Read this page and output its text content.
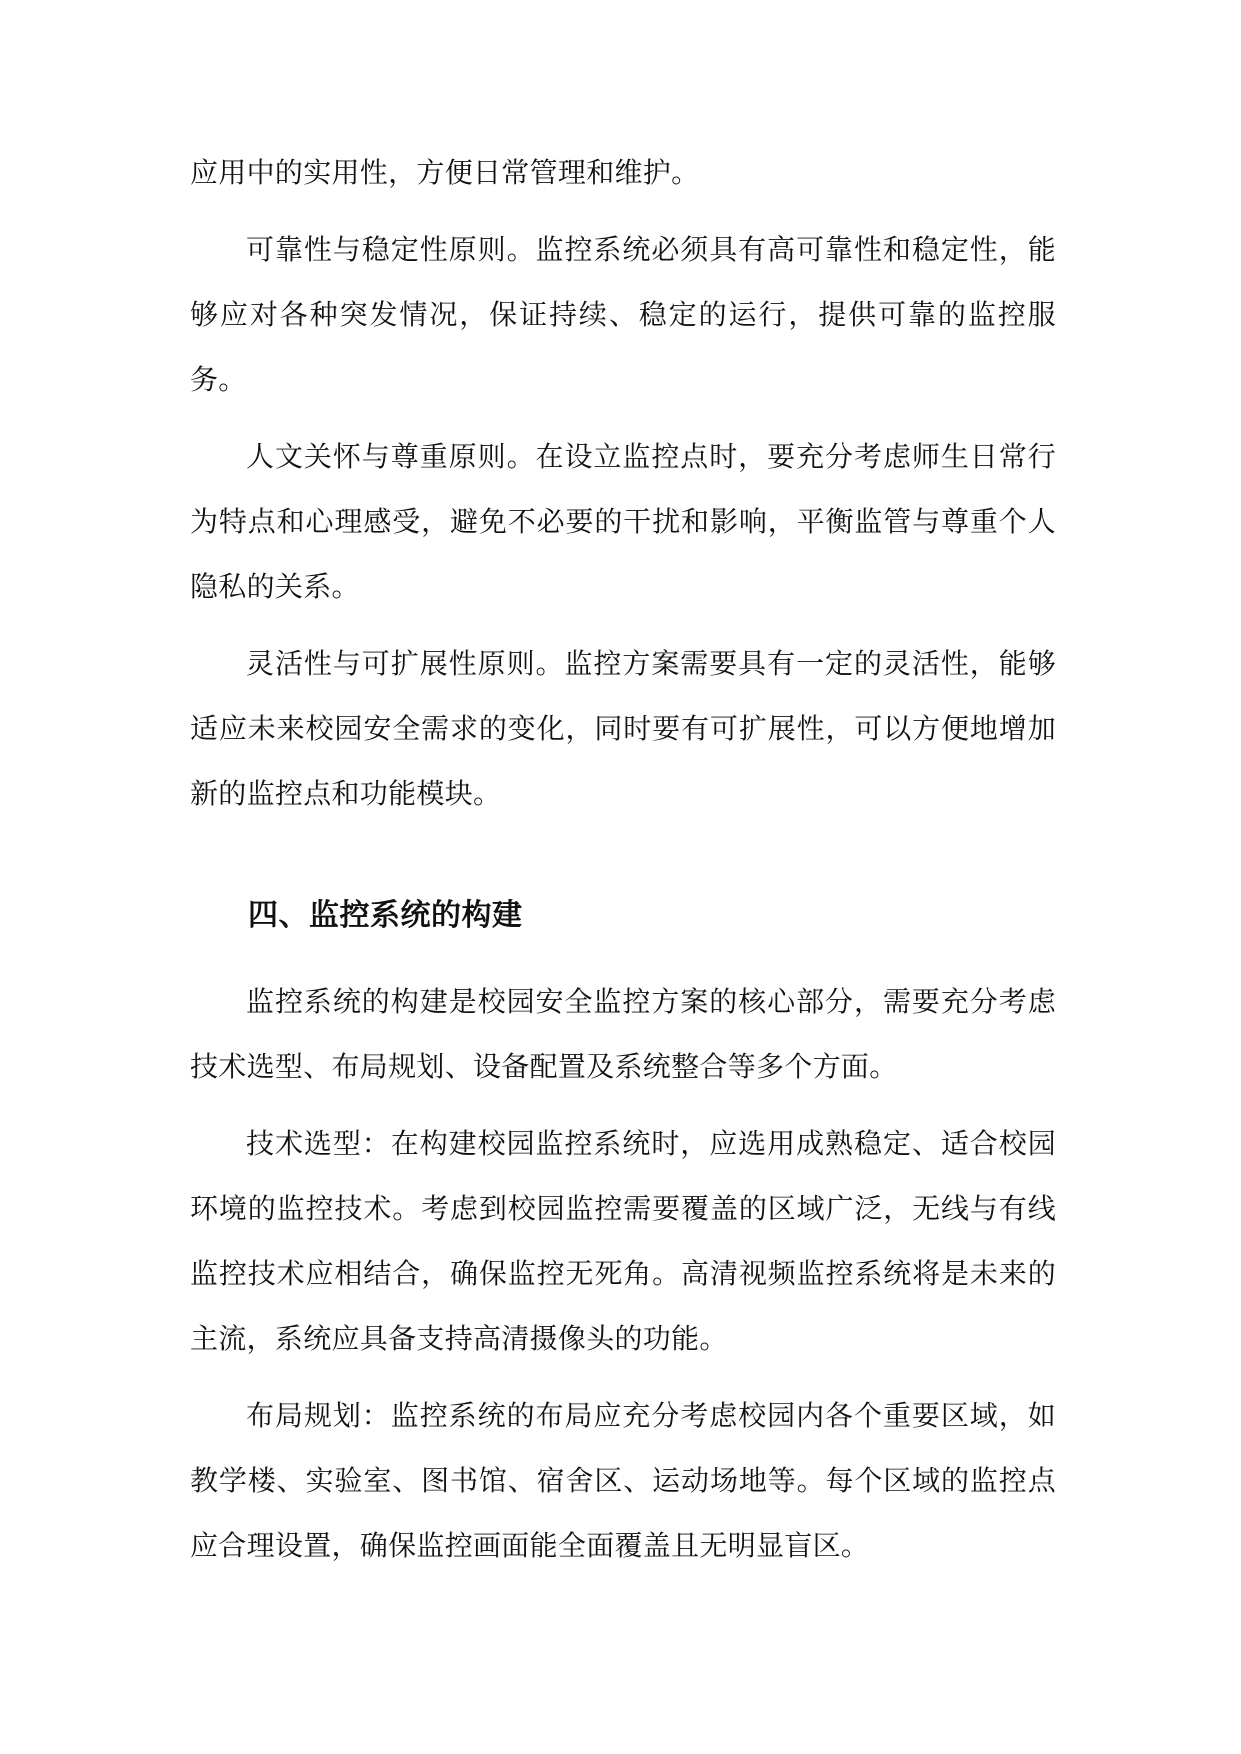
应用中的实用性，方便日常管理和维护。

可靠性与稳定性原则。监控系统必须具有高可靠性和稳定性，能够应对各种突发情况，保证持续、稳定的运行，提供可靠的监控服务。

人文关怀与尊重原则。在设立监控点时，要充分考虑师生日常行为特点和心理感受，避免不必要的干扰和影响，平衡监管与尊重个人隐私的关系。

灵活性与可扩展性原则。监控方案需要具有一定的灵活性，能够适应未来校园安全需求的变化，同时要有可扩展性，可以方便地增加新的监控点和功能模块。

四、监控系统的构建

监控系统的构建是校园安全监控方案的核心部分，需要充分考虑技术选型、布局规划、设备配置及系统整合等多个方面。

技术选型：在构建校园监控系统时，应选用成熟稳定、适合校园环境的监控技术。考虑到校园监控需要覆盖的区域广泛，无线与有线监控技术应相结合，确保监控无死角。高清视频监控系统将是未来的主流，系统应具备支持高清摄像头的功能。

布局规划：监控系统的布局应充分考虑校园内各个重要区域，如教学楼、实验室、图书馆、宿舍区、运动场地等。每个区域的监控点应合理设置，确保监控画面能全面覆盖且无明显盲区。
